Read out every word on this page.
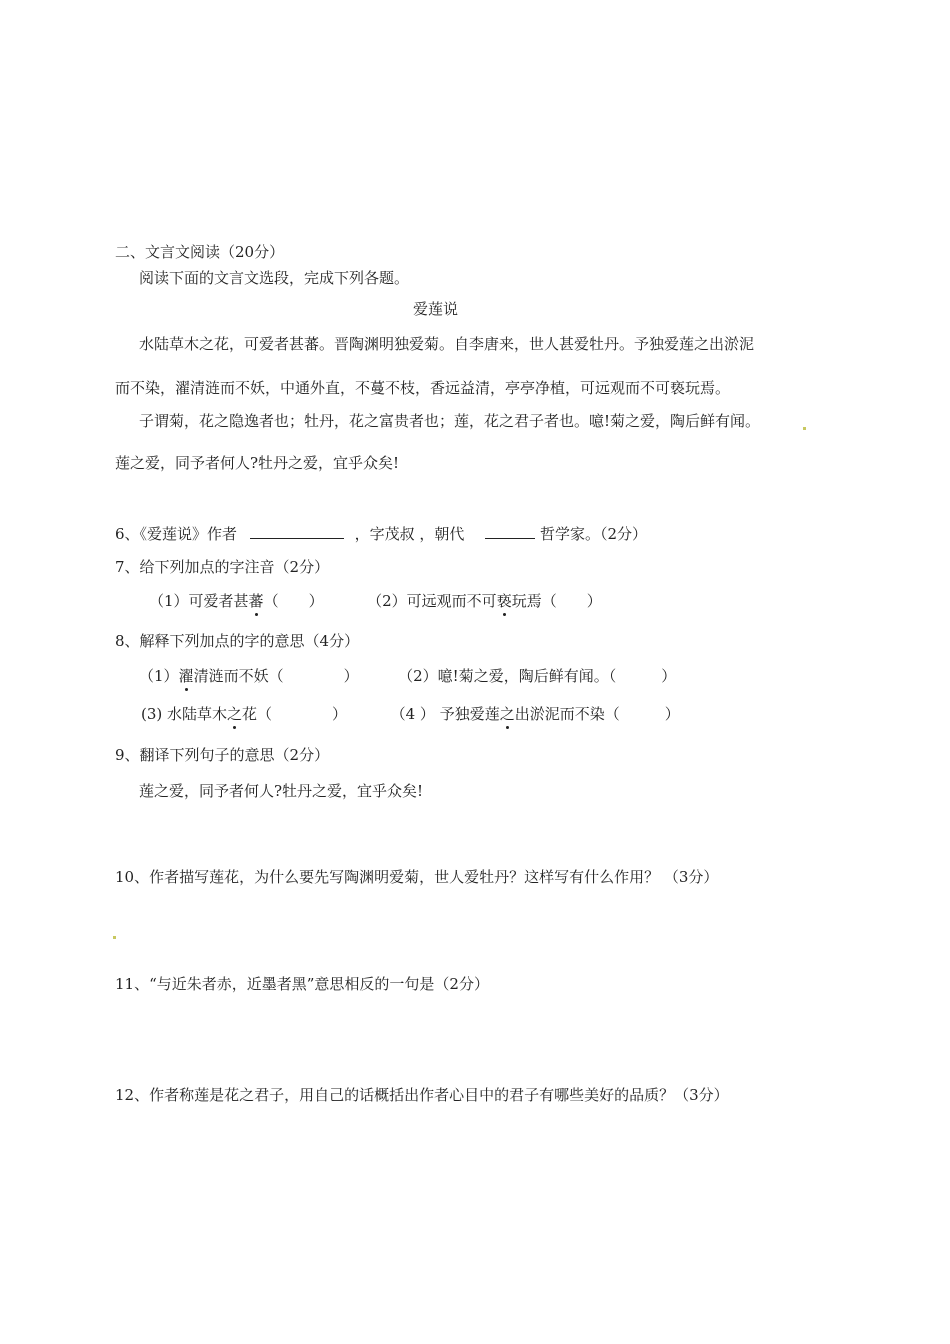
二、文言文阅读（20分）
阅读下面的文言文选段，完成下列各题。
爱莲说
水陆草木之花，可爱者甚蕃。晋陶渊明独爱菊。自李唐来，世人甚爱牡丹。予独爱莲之出淤泥
而不染，濯清涟而不妖，中通外直，不蔓不枝，香远益清，亭亭净植，可远观而不可亵玩焉。
子谓菊，花之隐逸者也；牡丹，花之富贵者也；莲，花之君子者也。噫!菊之爱，陶后鲜有闻。
莲之爱，同予者何人?牡丹之爱，宜乎众矣!
6、《爱莲说》作者	，字茂叔 ，朝代	哲学家。（2分）
7、给下列加点的字注音（2分）
（1）可爱者甚蕃（　　）	（2）可远观而不可亵玩焉（　　）
8、解释下列加点的字的意思（4分）
（1）濯清涟而不妖（　　　　）	（2）噫!菊之爱，陶后鲜有闻。（　　　）
(3) 水陆草木之花（　　　　）	（4 ） 予独爱莲之出淤泥而不染（　　　）
9、翻译下列句子的意思（2分）
莲之爱，同予者何人?牡丹之爱，宜乎众矣!
10、作者描写莲花，为什么要先写陶渊明爱菊，世人爱牡丹？这样写有什么作用？ （3分）
11、“与近朱者赤，近墨者黑”意思相反的一句是（2分）
12、作者称莲是花之君子，用自己的话概括出作者心目中的君子有哪些美好的品质？（3分）
